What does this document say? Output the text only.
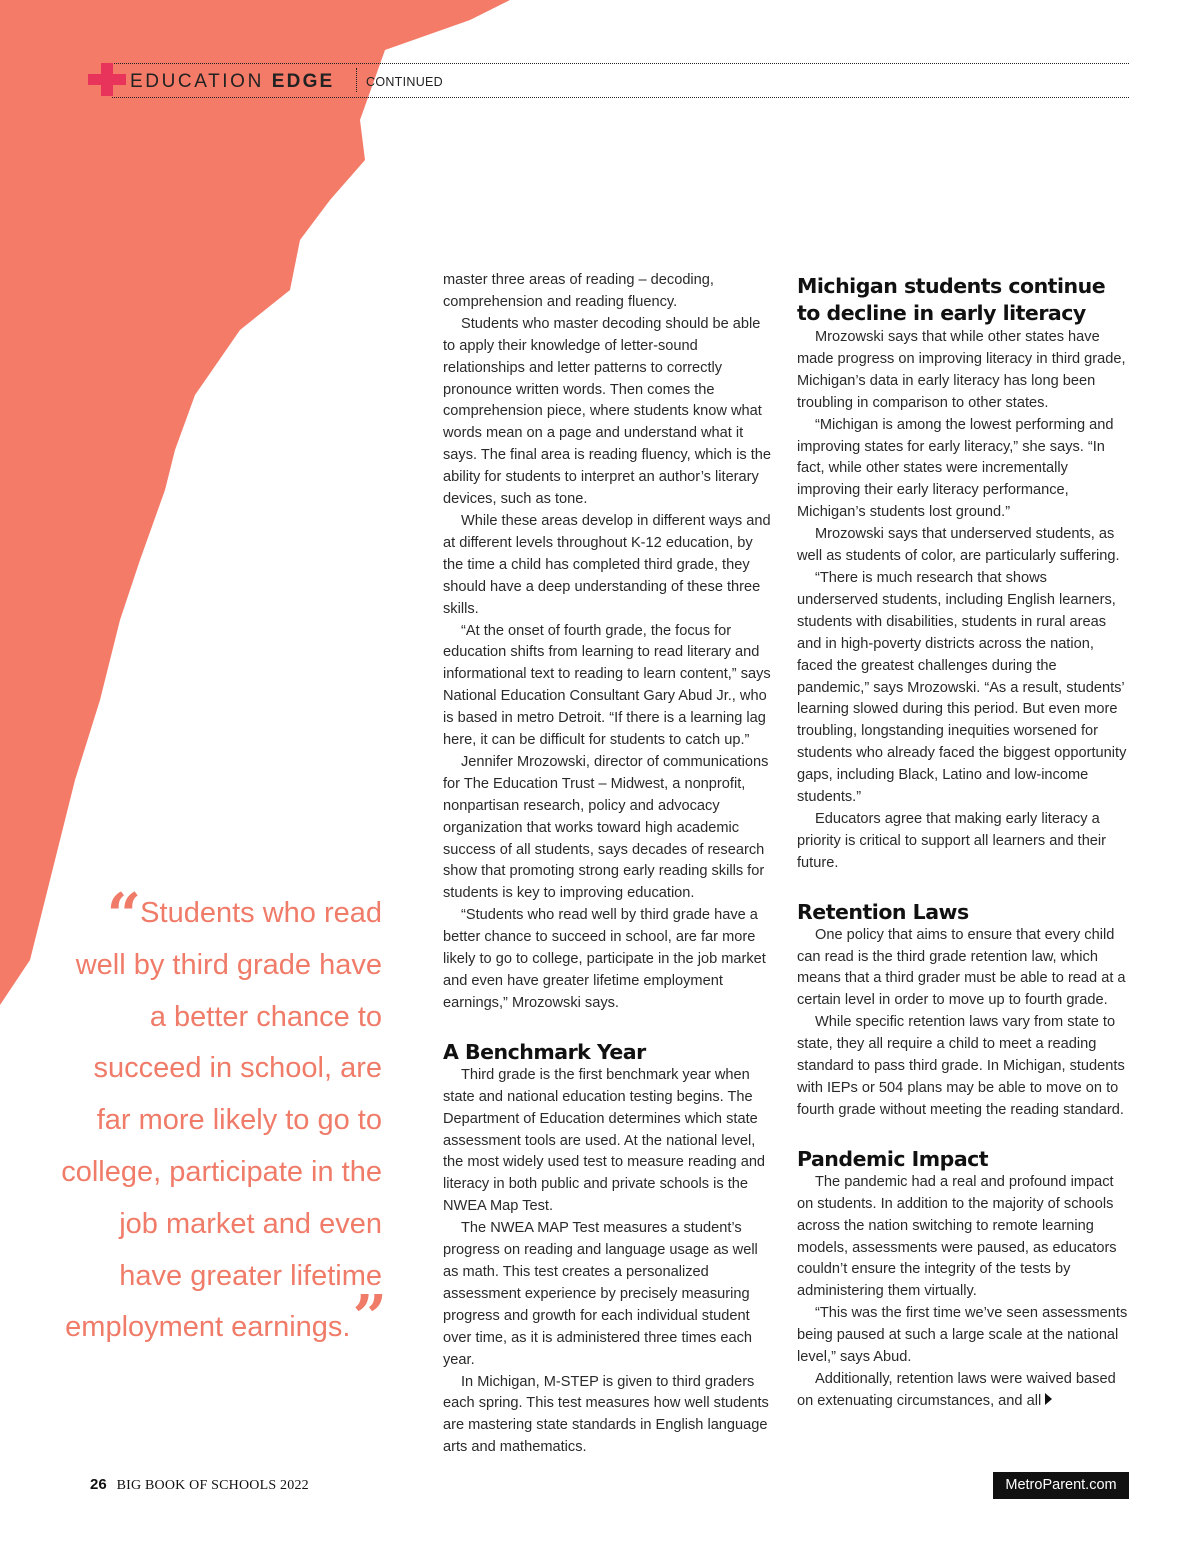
EDUCATION EDGE	CONTINUED
“ Students who read well by third grade have a better chance to succeed in school, are far more likely to go to college, participate in the job market and even have greater lifetime employment earnings.”

master three areas of reading – decoding, comprehension and reading fluency.

Students who master decoding should be able to apply their knowledge of letter-sound relationships and letter patterns to correctly pronounce written words. Then comes the comprehension piece, where students know what words mean on a page and understand what it says. The final area is reading fluency, which is the ability for students to interpret an author’s literary devices, such as tone.

While these areas develop in different ways and at different levels throughout K-12 education, by the time a child has completed third grade, they should have a deep understanding of these three skills.

“At the onset of fourth grade, the focus for education shifts from learning to read literary and informational text to reading to learn content,” says National Education Consultant Gary Abud Jr., who is based in metro Detroit. “If there is a learning lag here, it can be difficult for students to catch up.”

Jennifer Mrozowski, director of communications for The Education Trust – Midwest, a nonprofit, nonpartisan research, policy and advocacy organization that works toward high academic success of all students, says decades of research show that promoting strong early reading skills for students is key to improving education.

“Students who read well by third grade have a better chance to succeed in school, are far more likely to go to college, participate in the job market and even have greater lifetime employment earnings,” Mrozowski says.

A Benchmark Year

Third grade is the first benchmark year when state and national education testing begins. The Department of Education determines which state assessment tools are used. At the national level, the most widely used test to measure reading and literacy in both public and private schools is the NWEA Map Test.

The NWEA MAP Test measures a student’s progress on reading and language usage as well as math. This test creates a personalized assessment experience by precisely measuring progress and growth for each individual student over time, as it is administered three times each year.

In Michigan, M-STEP is given to third graders each spring. This test measures how well students are mastering state standards in English language arts and mathematics.

Michigan students continue to decline in early literacy

Mrozowski says that while other states have made progress on improving literacy in third grade, Michigan’s data in early literacy has long been troubling in comparison to other states.

“Michigan is among the lowest performing and improving states for early literacy,” she says. “In fact, while other states were incrementally improving their early literacy performance, Michigan’s students lost ground.”

Mrozowski says that underserved students, as well as students of color, are particularly suffering.

“There is much research that shows underserved students, including English learners, students with disabilities, students in rural areas and in high-poverty districts across the nation, faced the greatest challenges during the pandemic,” says Mrozowski. “As a result, students’ learning slowed during this period. But even more troubling, longstanding inequities worsened for students who already faced the biggest opportunity gaps, including Black, Latino and low-income students.”

Educators agree that making early literacy a priority is critical to support all learners and their future.

Retention Laws

One policy that aims to ensure that every child can read is the third grade retention law, which means that a third grader must be able to read at a certain level in order to move up to fourth grade.

While specific retention laws vary from state to state, they all require a child to meet a reading standard to pass third grade. In Michigan, students with IEPs or 504 plans may be able to move on to fourth grade without meeting the reading standard.

Pandemic Impact

The pandemic had a real and profound impact on students. In addition to the majority of schools across the nation switching to remote learning models, assessments were paused, as educators couldn’t ensure the integrity of the tests by administering them virtually.

“This was the first time we’ve seen assessments being paused at such a large scale at the national level,” says Abud.

Additionally, retention laws were waived based on extenuating circumstances, and all

26 BIG BOOK OF SCHOOLS 2022	MetroParent.com
